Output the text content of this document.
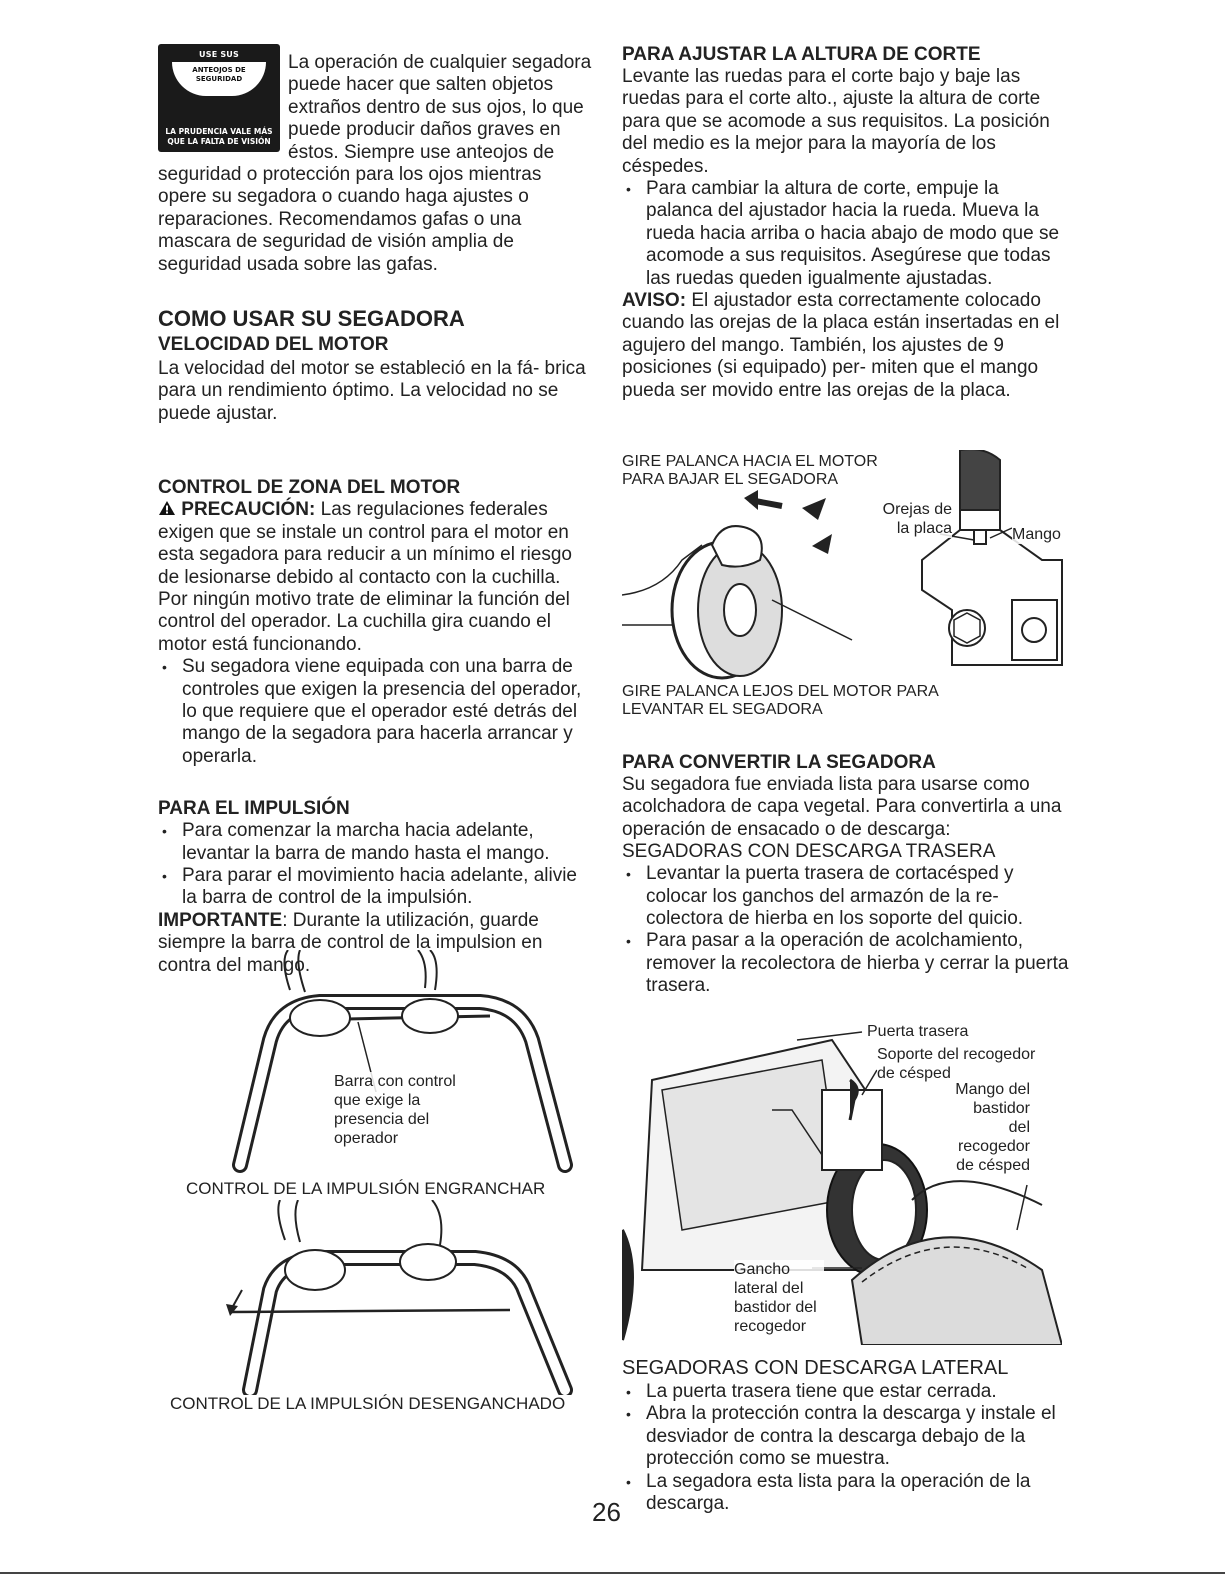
USE SUS
ANTEOJOS DE SEGURIDAD
LA PRUDENCIA VALE MÁS QUE LA FALTA DE VISIÓN

La operación de cualquier segadora puede hacer que salten objetos extraños dentro de sus ojos, lo que puede producir daños graves en éstos. Siempre use anteojos de seguridad o protección para los ojos mientras opere su segadora o cuando haga ajustes o reparaciones. Recomendamos gafas o una mascara de seguridad de visión amplia de seguridad usada sobre las gafas.

COMO USAR SU SEGADORA
VELOCIDAD DEL MOTOR

La velocidad del motor se estableció en la fá- brica para un rendimiento óptimo. La velocidad no se puede ajustar.

CONTROL DE ZONA DEL MOTOR

PRECAUCIÓN: Las regulaciones federales exigen que se instale un control para el motor en esta segadora para reducir a un mínimo el riesgo de lesionarse debido al contacto con la cuchilla. Por ningún motivo trate de eliminar la función del control del operador. La cuchilla gira cuando el motor está funcionando.

• Su segadora viene equipada con una barra de controles que exigen la presencia del operador, lo que requiere que el operador esté detrás del mango de la segadora para hacerla arrancar y operarla.
PARA EL IMPULSIÓN
• Para comenzar la marcha hacia adelante, levantar la barra de mando hasta el mango.
• Para parar el movimiento hacia adelante, alivie la barra de control de la impulsión.

IMPORTANTE: Durante la utilización, guarde siempre la barra de control de la impulsion en contra del mango.

Barra con control que exige la presencia del operador
CONTROL DE LA IMPULSIÓN ENGRANCHAR
CONTROL DE LA IMPULSIÓN DESENGANCHADO
PARA AJUSTAR LA ALTURA DE CORTE

Levante las ruedas para el corte bajo y baje las ruedas para el corte alto., ajuste la altura de corte para que se acomode a sus requisitos. La posición del medio es la mejor para la mayoría de los céspedes.

• Para cambiar la altura de corte, empuje la palanca del ajustador hacia la rueda. Mueva la rueda hacia arriba o hacia abajo de modo que se acomode a sus requisitos. Asegúrese que todas las ruedas queden igualmente ajustadas.

AVISO: El ajustador esta correctamente colocado cuando las orejas de la placa están insertadas en el agujero del mango. También, los ajustes de 9 posiciones (si equipado) per- miten que el mango pueda ser movido entre las orejas de la placa.

GIRE PALANCA HACIA EL MOTOR PARA BAJAR EL SEGADORA
Orejas de la placa	Mango
GIRE PALANCA LEJOS DEL MOTOR PARA LEVANTAR EL SEGADORA
PARA CONVERTIR LA SEGADORA

Su segadora fue enviada lista para usarse como acolchadora de capa vegetal. Para convertirla a una operación de ensacado o de descarga:

SEGADORAS CON DESCARGA TRASERA
• Levantar la puerta trasera de cortacésped y colocar los ganchos del armazón de la re- colectora de hierba en los soporte del quicio.
• Para pasar a la operación de acolchamiento, remover la recolectora de hierba y cerrar la puerta trasera.
Puerta trasera
Soporte del recogedor de césped
Mango del bastidor del recogedor de césped
Gancho lateral del bastidor del recogedor
SEGADORAS CON DESCARGA LATERAL
• La puerta trasera tiene que estar cerrada.
• Abra la protección contra la descarga y instale el desviador de contra la descarga debajo de la protección como se muestra.
• La segadora esta lista para la operación de la descarga.
26
